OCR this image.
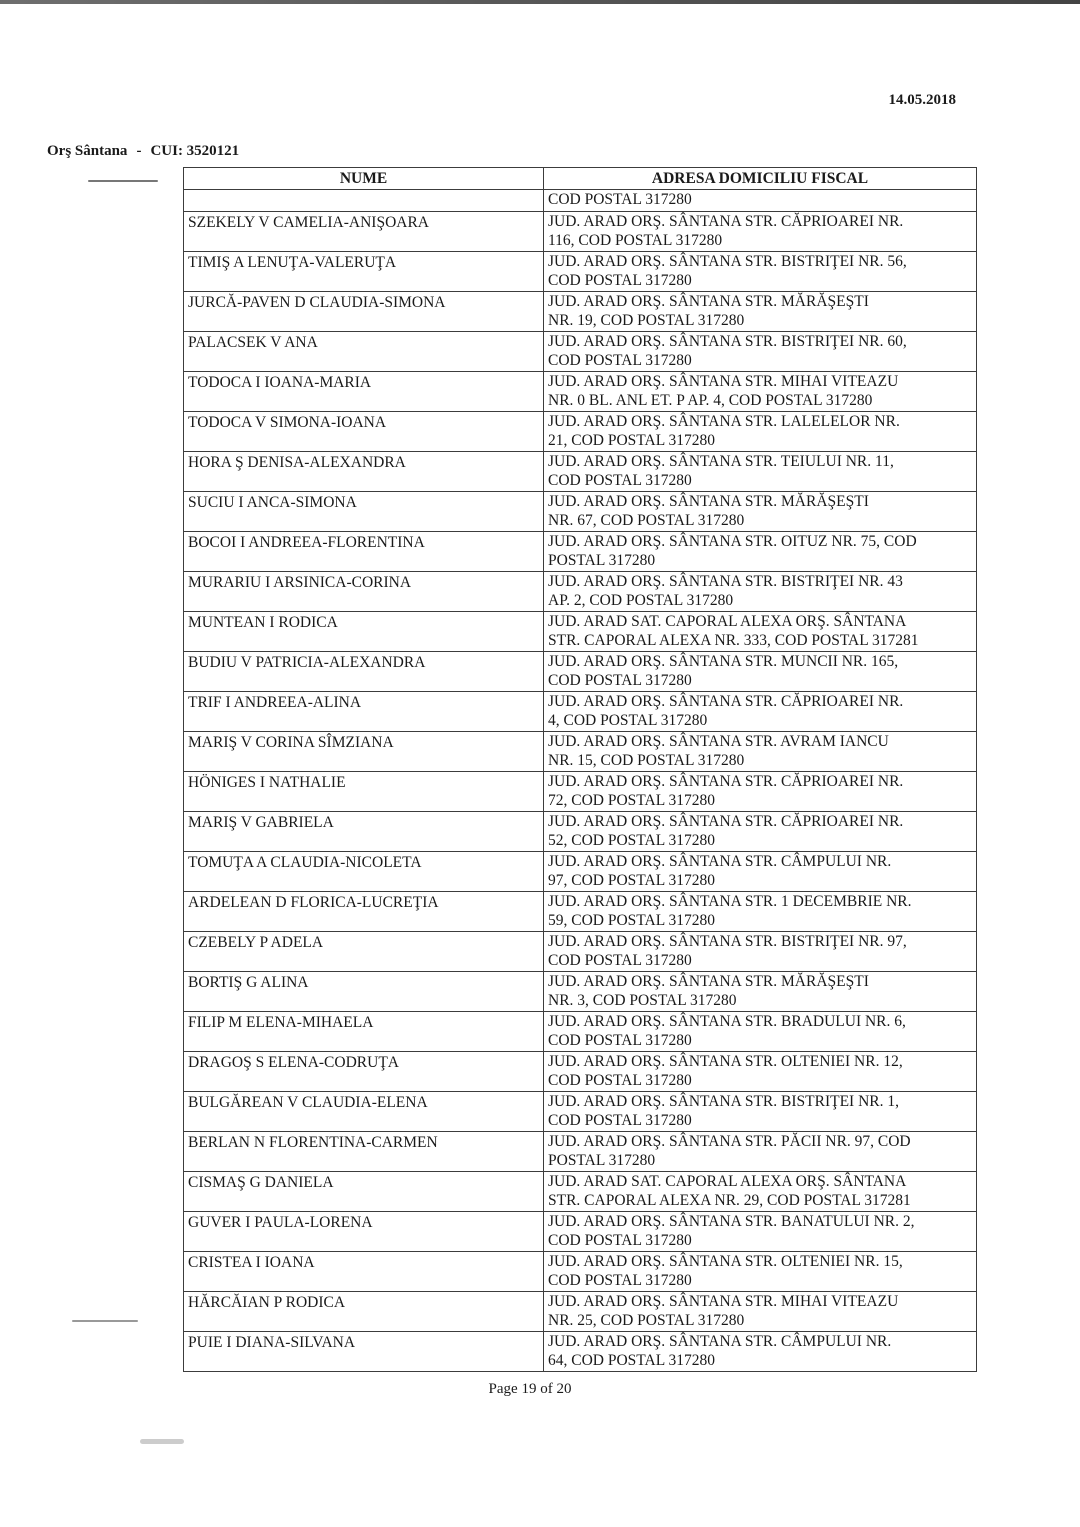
14.05.2018
Orş Sântana - CUI: 3520121
NUME	ADRESA DOMICILIU FISCAL
	COD POSTAL 317280
SZEKELY V CAMELIA-ANIŞOARA	JUD. ARAD ORŞ. SÂNTANA STR. CĂPRIOAREI NR.
116, COD POSTAL 317280
TIMIŞ A LENUŢA-VALERUŢA	JUD. ARAD ORŞ. SÂNTANA STR. BISTRIŢEI NR. 56,
COD POSTAL 317280
JURCĂ-PAVEN D CLAUDIA-SIMONA	JUD. ARAD ORŞ. SÂNTANA STR. MĂRĂŞEŞTI
NR. 19, COD POSTAL 317280
PALACSEK V ANA	JUD. ARAD ORŞ. SÂNTANA STR. BISTRIŢEI NR. 60,
COD POSTAL 317280
TODOCA I IOANA-MARIA	JUD. ARAD ORŞ. SÂNTANA STR. MIHAI VITEAZU
NR. 0 BL. ANL ET. P AP. 4, COD POSTAL 317280
TODOCA V SIMONA-IOANA	JUD. ARAD ORŞ. SÂNTANA STR. LALELELOR NR.
21, COD POSTAL 317280
HORA Ş DENISA-ALEXANDRA	JUD. ARAD ORŞ. SÂNTANA STR. TEIULUI NR. 11,
COD POSTAL 317280
SUCIU I ANCA-SIMONA	JUD. ARAD ORŞ. SÂNTANA STR. MĂRĂŞEŞTI
NR. 67, COD POSTAL 317280
BOCOI I ANDREEA-FLORENTINA	JUD. ARAD ORŞ. SÂNTANA STR. OITUZ NR. 75, COD
POSTAL 317280
MURARIU I ARSINICA-CORINA	JUD. ARAD ORŞ. SÂNTANA STR. BISTRIŢEI NR. 43
AP. 2, COD POSTAL 317280
MUNTEAN I RODICA	JUD. ARAD SAT. CAPORAL ALEXA ORŞ. SÂNTANA
STR. CAPORAL ALEXA NR. 333, COD POSTAL 317281
BUDIU V PATRICIA-ALEXANDRA	JUD. ARAD ORŞ. SÂNTANA STR. MUNCII NR. 165,
COD POSTAL 317280
TRIF I ANDREEA-ALINA	JUD. ARAD ORŞ. SÂNTANA STR. CĂPRIOAREI NR.
4, COD POSTAL 317280
MARIŞ V CORINA SÎMZIANA	JUD. ARAD ORŞ. SÂNTANA STR. AVRAM IANCU
NR. 15, COD POSTAL 317280
HÖNIGES I NATHALIE	JUD. ARAD ORŞ. SÂNTANA STR. CĂPRIOAREI NR.
72, COD POSTAL 317280
MARIŞ V GABRIELA	JUD. ARAD ORŞ. SÂNTANA STR. CĂPRIOAREI NR.
52, COD POSTAL 317280
TOMUŢA A CLAUDIA-NICOLETA	JUD. ARAD ORŞ. SÂNTANA STR. CÂMPULUI NR.
97, COD POSTAL 317280
ARDELEAN D FLORICA-LUCREŢIA	JUD. ARAD ORŞ. SÂNTANA STR. 1 DECEMBRIE NR.
59, COD POSTAL 317280
CZEBELY P ADELA	JUD. ARAD ORŞ. SÂNTANA STR. BISTRIŢEI NR. 97,
COD POSTAL 317280
BORTIŞ G ALINA	JUD. ARAD ORŞ. SÂNTANA STR. MĂRĂŞEŞTI
NR. 3, COD POSTAL 317280
FILIP M ELENA-MIHAELA	JUD. ARAD ORŞ. SÂNTANA STR. BRADULUI NR. 6,
COD POSTAL 317280
DRAGOŞ S ELENA-CODRUŢA	JUD. ARAD ORŞ. SÂNTANA STR. OLTENIEI NR. 12,
COD POSTAL 317280
BULGĂREAN V CLAUDIA-ELENA	JUD. ARAD ORŞ. SÂNTANA STR. BISTRIŢEI NR. 1,
COD POSTAL 317280
BERLAN N FLORENTINA-CARMEN	JUD. ARAD ORŞ. SÂNTANA STR. PĂCII NR. 97, COD
POSTAL 317280
CISMAŞ G DANIELA	JUD. ARAD SAT. CAPORAL ALEXA ORŞ. SÂNTANA
STR. CAPORAL ALEXA NR. 29, COD POSTAL 317281
GUVER I PAULA-LORENA	JUD. ARAD ORŞ. SÂNTANA STR. BANATULUI NR. 2,
COD POSTAL 317280
CRISTEA I IOANA	JUD. ARAD ORŞ. SÂNTANA STR. OLTENIEI NR. 15,
COD POSTAL 317280
HĂRCĂIAN P RODICA	JUD. ARAD ORŞ. SÂNTANA STR. MIHAI VITEAZU
NR. 25, COD POSTAL 317280
PUIE I DIANA-SILVANA	JUD. ARAD ORŞ. SÂNTANA STR. CÂMPULUI NR.
64, COD POSTAL 317280
Page 19 of 20
